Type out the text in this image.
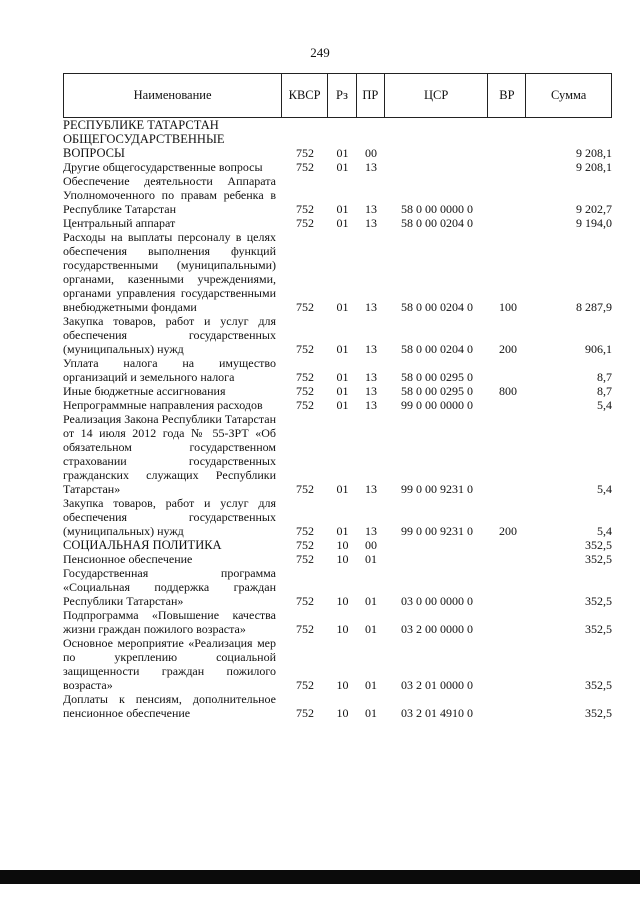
249
Наименование	КВСР	Рз	ПР	ЦСР	ВР	Сумма
РЕСПУБЛИКЕ ТАТАРСТАН						
ОБЩЕГОСУДАРСТВЕННЫЕ ВОПРОСЫ	752	01	00			9 208,1
Другие общегосударственные вопросы	752	01	13			9 208,1
Обеспечение деятельности Аппарата Уполномоченного по правам ребенка в Республике Татарстан	752	01	13	58 0 00 0000 0		9 202,7
Центральный аппарат	752	01	13	58 0 00 0204 0		9 194,0
Расходы на выплаты персоналу в целях обеспечения выполнения функций государственными (муниципальными) органами, казенными учреждениями, органами управления государственными внебюджетными фондами	752	01	13	58 0 00 0204 0	100	8 287,9
Закупка товаров, работ и услуг для обеспечения государственных (муниципальных) нужд	752	01	13	58 0 00 0204 0	200	906,1
Уплата налога на имущество организаций и земельного налога	752	01	13	58 0 00 0295 0		8,7
Иные бюджетные ассигнования	752	01	13	58 0 00 0295 0	800	8,7
Непрограммные направления расходов	752	01	13	99 0 00 0000 0		5,4
Реализация Закона Республики Татарстан от 14 июля 2012 года № 55-ЗРТ «Об обязательном государственном страховании государственных гражданских служащих Республики Татарстан»	752	01	13	99 0 00 9231 0		5,4
Закупка товаров, работ и услуг для обеспечения государственных (муниципальных) нужд	752	01	13	99 0 00 9231 0	200	5,4
СОЦИАЛЬНАЯ ПОЛИТИКА	752	10	00			352,5
Пенсионное обеспечение	752	10	01			352,5
Государственная программа «Социальная поддержка граждан Республики Татарстан»	752	10	01	03 0 00 0000 0		352,5
Подпрограмма «Повышение качества жизни граждан пожилого возраста»	752	10	01	03 2 00 0000 0		352,5
Основное мероприятие «Реализация мер по укреплению социальной защищенности граждан пожилого возраста»	752	10	01	03 2 01 0000 0		352,5
Доплаты к пенсиям, дополнительное пенсионное обеспечение	752	10	01	03 2 01 4910 0		352,5
